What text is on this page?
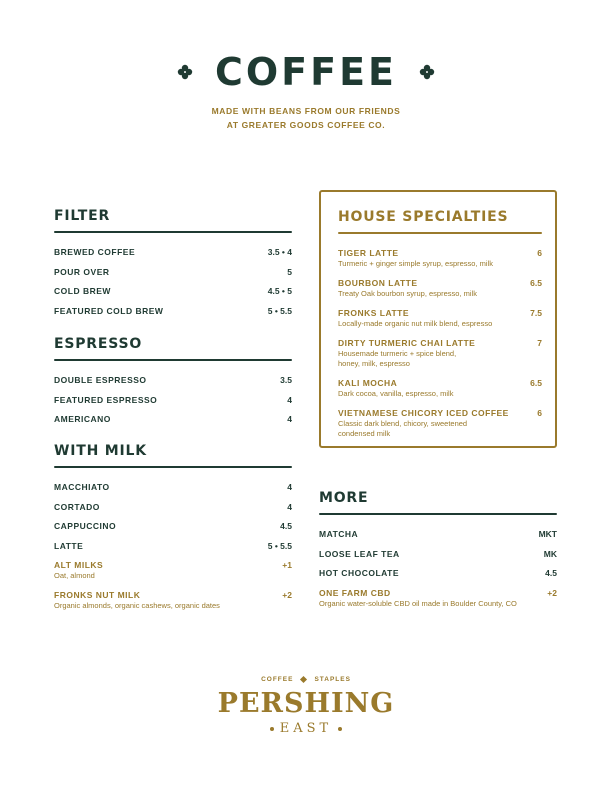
COFFEE
MADE WITH BEANS FROM OUR FRIENDS
AT GREATER GOODS COFFEE CO.
FILTER
BREWED COFFEE	3.5 • 4
POUR OVER	5
COLD BREW	4.5 • 5
FEATURED COLD BREW	5 • 5.5
ESPRESSO
DOUBLE ESPRESSO	3.5
FEATURED ESPRESSO	4
AMERICANO	4
WITH MILK
MACCHIATO	4
CORTADO	4
CAPPUCCINO	4.5
LATTE	5 • 5.5
ALT MILKS	+1
Oat, almond
FRONKS NUT MILK	+2
Organic almonds, organic cashews, organic dates
HOUSE SPECIALTIES
TIGER LATTE	6
Turmeric + ginger simple syrup, espresso, milk
BOURBON LATTE	6.5
Treaty Oak bourbon syrup, espresso, milk
FRONKS LATTE	7.5
Locally-made organic nut milk blend, espresso
DIRTY TURMERIC CHAI LATTE	7
Housemade turmeric + spice blend, honey, milk, espresso
KALI MOCHA	6.5
Dark cocoa, vanilla, espresso, milk
VIETNAMESE CHICORY ICED COFFEE	6
Classic dark blend, chicory, sweetened condensed milk
MORE
MATCHA	MKT
LOOSE LEAF TEA	MK
HOT CHOCOLATE	4.5
ONE FARM CBD	+2
Organic water-soluble CBD oil made in Boulder County, CO
COFFEE	STAPLES
PERSHING
EAST
